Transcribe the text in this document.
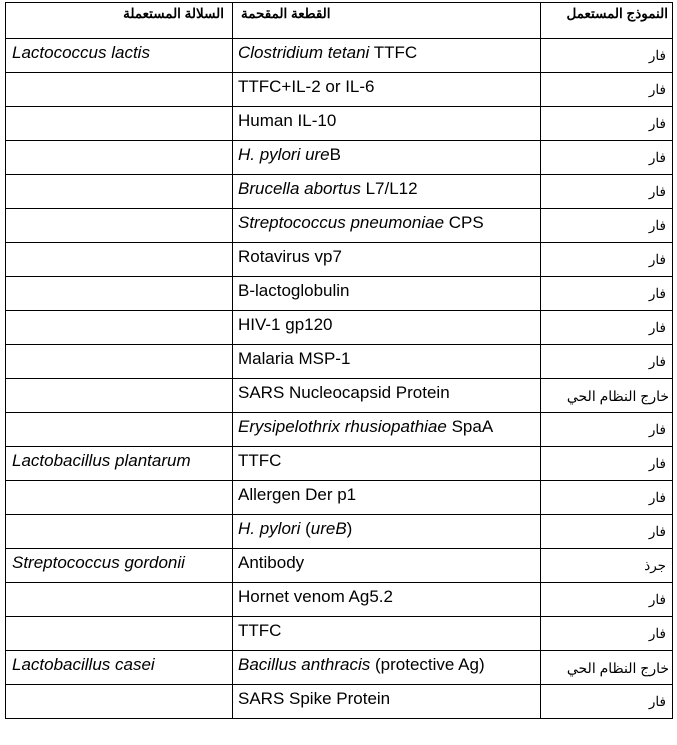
السلالة المستعملة	القطعة المقحمة	النموذج المستعمل
Lactococcus lactis	Clostridium tetani TTFC	فار
	TTFC+IL-2 or IL-6	فار
	Human IL-10	فار
	H. pylori ureB	فار
	Brucella abortus L7/L12	فار
	Streptococcus pneumoniae CPS	فار
	Rotavirus vp7	فار
	B-lactoglobulin	فار
	HIV-1 gp120	فار
	Malaria MSP-1	فار
	SARS Nucleocapsid Protein	خارج النظام الحي
	Erysipelothrix rhusiopathiae SpaA	فار
Lactobacillus plantarum	TTFC	فار
	Allergen Der p1	فار
	H. pylori (ureB)	فار
Streptococcus gordonii	Antibody	جرذ
	Hornet venom Ag5.2	فار
	TTFC	فار
Lactobacillus casei	Bacillus anthracis (protective Ag)	خارج النظام الحي
	SARS Spike Protein	فار
